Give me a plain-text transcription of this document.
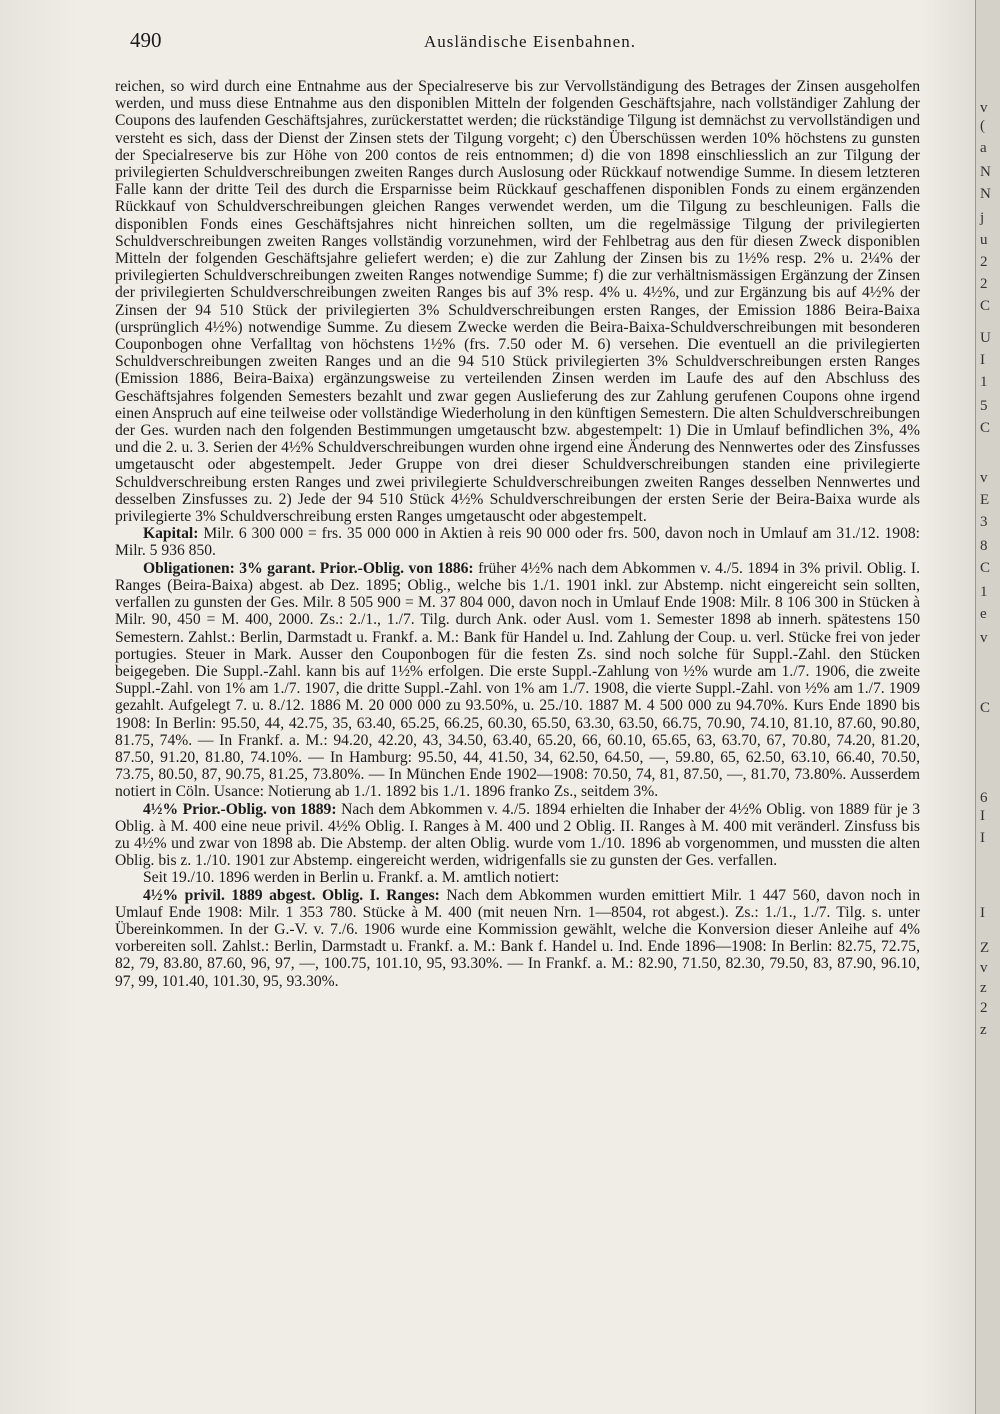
v
(
a
N
N
j
u
2
2
C
U
I
1
5
C
v
E
3
8
C
1
e
v
C
6
I
I
I
Z
v
z
2
z
490	Ausländische Eisenbahnen.

reichen, so wird durch eine Entnahme aus der Specialreserve bis zur Vervollständigung des Betrages der Zinsen ausgeholfen werden, und muss diese Entnahme aus den disponiblen Mitteln der folgenden Geschäftsjahre, nach vollständiger Zahlung der Coupons des laufenden Geschäftsjahres, zurückerstattet werden; die rückständige Tilgung ist demnächst zu vervollständigen und versteht es sich, dass der Dienst der Zinsen stets der Tilgung vorgeht; c) den Überschüssen werden 10% höchstens zu gunsten der Specialreserve bis zur Höhe von 200 contos de reis entnommen; d) die von 1898 einschliesslich an zur Tilgung der privilegierten Schuldverschreibungen zweiten Ranges durch Auslosung oder Rückkauf notwendige Summe. In diesem letzteren Falle kann der dritte Teil des durch die Ersparnisse beim Rückkauf geschaffenen disponiblen Fonds zu einem ergänzenden Rückkauf von Schuldverschreibungen gleichen Ranges verwendet werden, um die Tilgung zu beschleunigen. Falls die disponiblen Fonds eines Geschäftsjahres nicht hinreichen sollten, um die regelmässige Tilgung der privilegierten Schuldverschreibungen zweiten Ranges vollständig vorzunehmen, wird der Fehlbetrag aus den für diesen Zweck disponiblen Mitteln der folgenden Geschäftsjahre geliefert werden; e) die zur Zahlung der Zinsen bis zu 1½% resp. 2% u. 2¼% der privilegierten Schuldverschreibungen zweiten Ranges notwendige Summe; f) die zur verhältnismässigen Ergänzung der Zinsen der privilegierten Schuldverschreibungen zweiten Ranges bis auf 3% resp. 4% u. 4½%, und zur Ergänzung bis auf 4½% der Zinsen der 94 510 Stück der privilegierten 3% Schuldverschreibungen ersten Ranges, der Emission 1886 Beira-Baixa (ursprünglich 4½%) notwendige Summe. Zu diesem Zwecke werden die Beira-Baixa-Schuldverschreibungen mit besonderen Couponbogen ohne Verfalltag von höchstens 1½% (frs. 7.50 oder M. 6) versehen. Die eventuell an die privilegierten Schuldverschreibungen zweiten Ranges und an die 94 510 Stück privilegierten 3% Schuldverschreibungen ersten Ranges (Emission 1886, Beira-Baixa) ergänzungsweise zu verteilenden Zinsen werden im Laufe des auf den Abschluss des Geschäftsjahres folgenden Semesters bezahlt und zwar gegen Auslieferung des zur Zahlung gerufenen Coupons ohne irgend einen Anspruch auf eine teilweise oder vollständige Wiederholung in den künftigen Semestern. Die alten Schuldverschreibungen der Ges. wurden nach den folgenden Bestimmungen umgetauscht bzw. abgestempelt: 1) Die in Umlauf befindlichen 3%, 4% und die 2. u. 3. Serien der 4½% Schuldverschreibungen wurden ohne irgend eine Änderung des Nennwertes oder des Zinsfusses umgetauscht oder abgestempelt. Jeder Gruppe von drei dieser Schuldverschreibungen standen eine privilegierte Schuldverschreibung ersten Ranges und zwei privilegierte Schuldverschreibungen zweiten Ranges desselben Nennwertes und desselben Zinsfusses zu. 2) Jede der 94 510 Stück 4½% Schuldverschreibungen der ersten Serie der Beira-Baixa wurde als privilegierte 3% Schuldverschreibung ersten Ranges umgetauscht oder abgestempelt.

Kapital: Milr. 6 300 000 = frs. 35 000 000 in Aktien à reis 90 000 oder frs. 500, davon noch in Umlauf am 31./12. 1908: Milr. 5 936 850.

Obligationen: 3% garant. Prior.-Oblig. von 1886: früher 4½% nach dem Abkommen v. 4./5. 1894 in 3% privil. Oblig. I. Ranges (Beira-Baixa) abgest. ab Dez. 1895; Oblig., welche bis 1./1. 1901 inkl. zur Abstemp. nicht eingereicht sein sollten, verfallen zu gunsten der Ges. Milr. 8 505 900 = M. 37 804 000, davon noch in Umlauf Ende 1908: Milr. 8 106 300 in Stücken à Milr. 90, 450 = M. 400, 2000. Zs.: 2./1., 1./7. Tilg. durch Ank. oder Ausl. vom 1. Semester 1898 ab innerh. spätestens 150 Semestern. Zahlst.: Berlin, Darmstadt u. Frankf. a. M.: Bank für Handel u. Ind. Zahlung der Coup. u. verl. Stücke frei von jeder portugies. Steuer in Mark. Ausser den Couponbogen für die festen Zs. sind noch solche für Suppl.-Zahl. den Stücken beigegeben. Die Suppl.-Zahl. kann bis auf 1½% erfolgen. Die erste Suppl.-Zahlung von ½% wurde am 1./7. 1906, die zweite Suppl.-Zahl. von 1% am 1./7. 1907, die dritte Suppl.-Zahl. von 1% am 1./7. 1908, die vierte Suppl.-Zahl. von ½% am 1./7. 1909 gezahlt. Aufgelegt 7. u. 8./12. 1886 M. 20 000 000 zu 93.50%, u. 25./10. 1887 M. 4 500 000 zu 94.70%. Kurs Ende 1890 bis 1908: In Berlin: 95.50, 44, 42.75, 35, 63.40, 65.25, 66.25, 60.30, 65.50, 63.30, 63.50, 66.75, 70.90, 74.10, 81.10, 87.60, 90.80, 81.75, 74%. — In Frankf. a. M.: 94.20, 42.20, 43, 34.50, 63.40, 65.20, 66, 60.10, 65.65, 63, 63.70, 67, 70.80, 74.20, 81.20, 87.50, 91.20, 81.80, 74.10%. — In Hamburg: 95.50, 44, 41.50, 34, 62.50, 64.50, —, 59.80, 65, 62.50, 63.10, 66.40, 70.50, 73.75, 80.50, 87, 90.75, 81.25, 73.80%. — In München Ende 1902—1908: 70.50, 74, 81, 87.50, —, 81.70, 73.80%. Ausserdem notiert in Cöln. Usance: Notierung ab 1./1. 1892 bis 1./1. 1896 franko Zs., seitdem 3%.

4½% Prior.-Oblig. von 1889: Nach dem Abkommen v. 4./5. 1894 erhielten die Inhaber der 4½% Oblig. von 1889 für je 3 Oblig. à M. 400 eine neue privil. 4½% Oblig. I. Ranges à M. 400 und 2 Oblig. II. Ranges à M. 400 mit veränderl. Zinsfuss bis zu 4½% und zwar von 1898 ab. Die Abstemp. der alten Oblig. wurde vom 1./10. 1896 ab vorgenommen, und mussten die alten Oblig. bis z. 1./10. 1901 zur Abstemp. eingereicht werden, widrigenfalls sie zu gunsten der Ges. verfallen.

Seit 19./10. 1896 werden in Berlin u. Frankf. a. M. amtlich notiert:

4½% privil. 1889 abgest. Oblig. I. Ranges: Nach dem Abkommen wurden emittiert Milr. 1 447 560, davon noch in Umlauf Ende 1908: Milr. 1 353 780. Stücke à M. 400 (mit neuen Nrn. 1—8504, rot abgest.). Zs.: 1./1., 1./7. Tilg. s. unter Übereinkommen. In der G.-V. v. 7./6. 1906 wurde eine Kommission gewählt, welche die Konversion dieser Anleihe auf 4% vorbereiten soll. Zahlst.: Berlin, Darmstadt u. Frankf. a. M.: Bank f. Handel u. Ind. Ende 1896—1908: In Berlin: 82.75, 72.75, 82, 79, 83.80, 87.60, 96, 97, —, 100.75, 101.10, 95, 93.30%. — In Frankf. a. M.: 82.90, 71.50, 82.30, 79.50, 83, 87.90, 96.10, 97, 99, 101.40, 101.30, 95, 93.30%.
